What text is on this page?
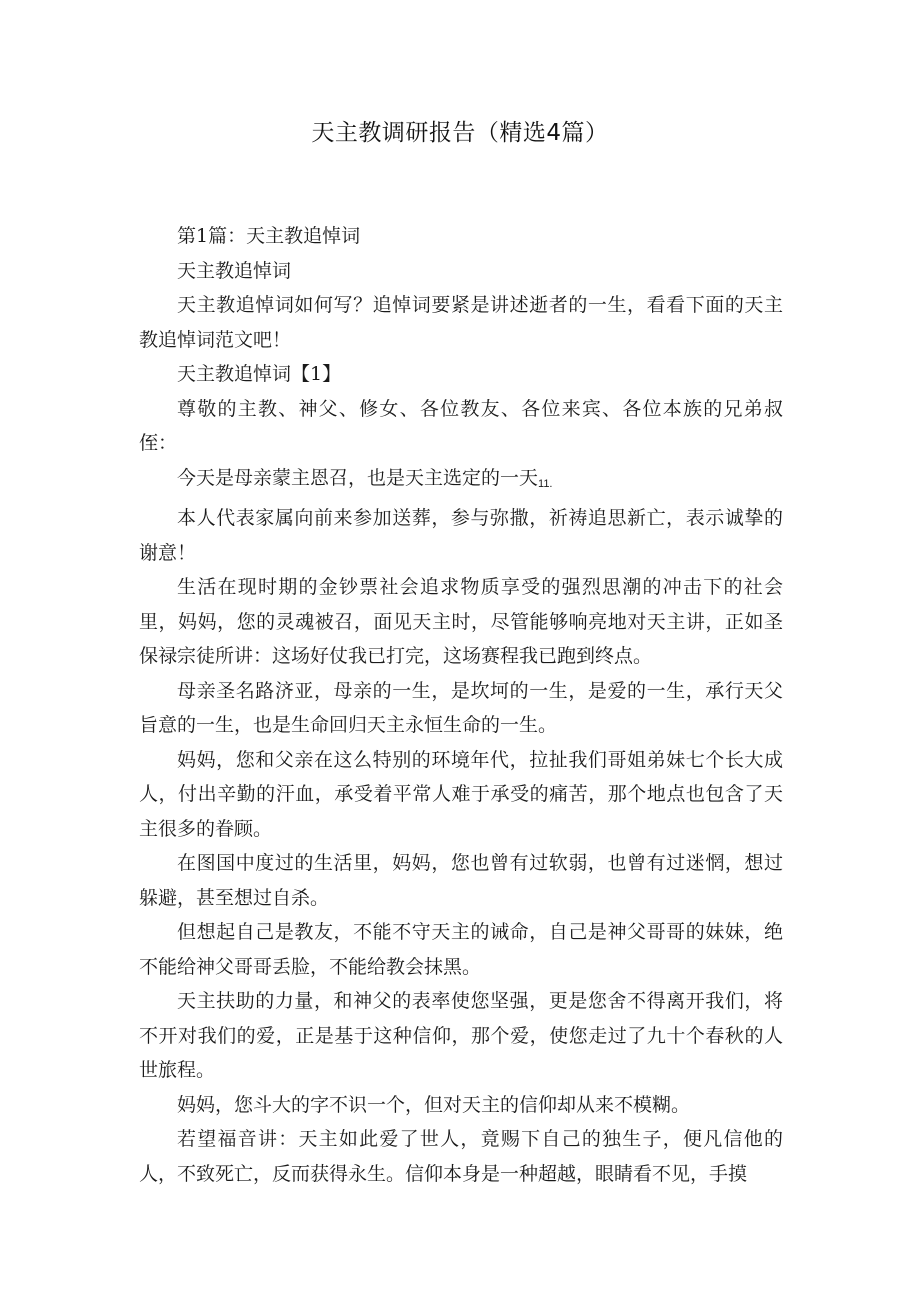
天主教调研报告（精选4篇）

第1篇：天主教追悼词

天主教追悼词

天主教追悼词如何写？追悼词要紧是讲述逝者的一生，看看下面的天主教追悼词范文吧！

天主教追悼词【1】

尊敬的主教、神父、修女、各位教友、各位来宾、各位本族的兄弟叔侄：

今天是母亲蒙主恩召，也是天主选定的一天11.

本人代表家属向前来参加送葬，参与弥撒，祈祷追思新亡，表示诚挚的谢意！

生活在现时期的金钞票社会追求物质享受的强烈思潮的冲击下的社会里，妈妈，您的灵魂被召，面见天主时，尽管能够响亮地对天主讲，正如圣保禄宗徒所讲：这场好仗我已打完，这场赛程我已跑到终点。

母亲圣名路济亚，母亲的一生，是坎坷的一生，是爱的一生，承行天父旨意的一生，也是生命回归天主永恒生命的一生。

妈妈，您和父亲在这么特别的环境年代，拉扯我们哥姐弟妹七个长大成人，付出辛勤的汗血，承受着平常人难于承受的痛苦，那个地点也包含了天主很多的眷顾。

在图国中度过的生活里，妈妈，您也曾有过软弱，也曾有过迷惘，想过躲避，甚至想过自杀。

但想起自己是教友，不能不守天主的诫命，自己是神父哥哥的妹妹，绝不能给神父哥哥丢脸，不能给教会抹黑。

天主扶助的力量，和神父的表率使您坚强，更是您舍不得离开我们，将不开对我们的爱，正是基于这种信仰，那个爱，使您走过了九十个春秋的人世旅程。

妈妈，您斗大的字不识一个，但对天主的信仰却从来不模糊。

若望福音讲：天主如此爱了世人，竟赐下自己的独生子，便凡信他的人，不致死亡，反而获得永生。信仰本身是一种超越，眼睛看不见，手摸
